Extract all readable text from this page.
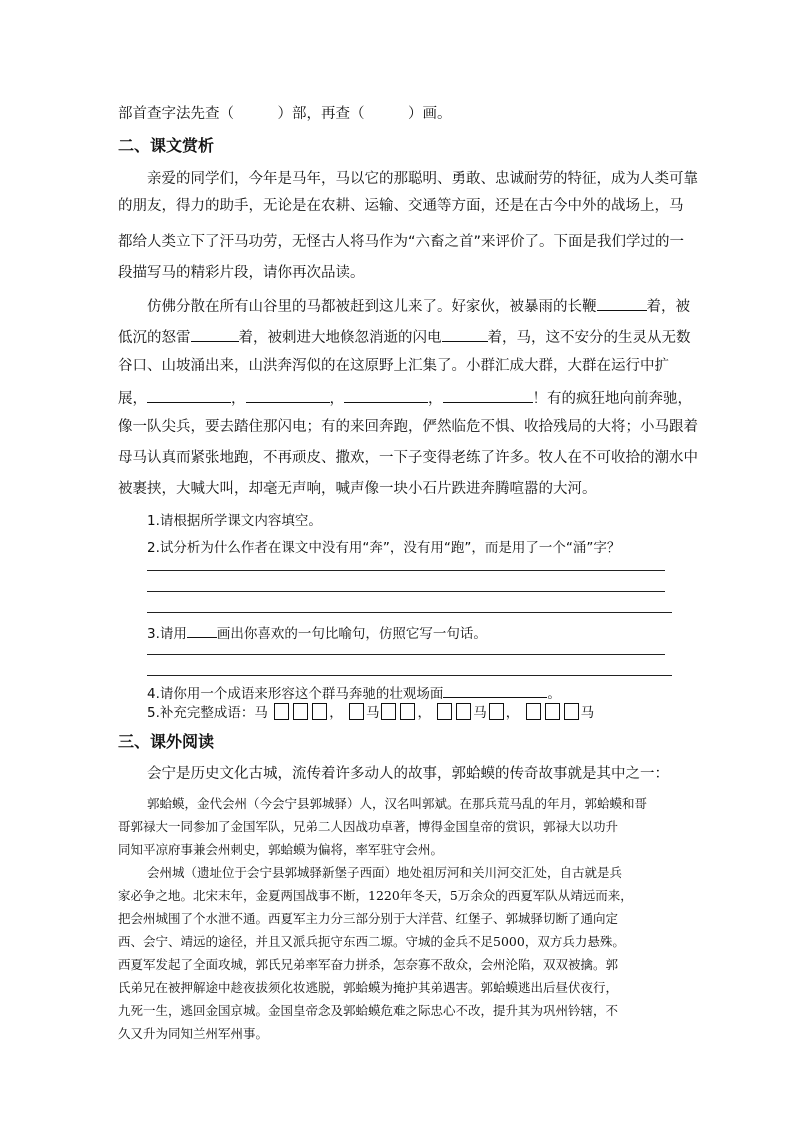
部首查字法先查（　　　）部，再查（　　　）画。
二、课文赏析
亲爱的同学们，今年是马年，马以它的那聪明、勇敢、忠诚耐劳的特征，成为人类可靠
的朋友，得力的助手，无论是在农耕、运输、交通等方面，还是在古今中外的战场上，马
都给人类立下了汗马功劳，无怪古人将马作为“六畜之首”来评价了。下面是我们学过的一
段描写马的精彩片段，请你再次品读。
仿佛分散在所有山谷里的马都被赶到这儿来了。好家伙，被暴雨的长鞭	着，被
低沉的怒雷	着，被刺进大地倏忽消逝的闪电	着，马，这不安分的生灵从无数
谷口、山坡涌出来，山洪奔泻似的在这原野上汇集了。小群汇成大群，大群在运行中扩
展，	，	，	，	！有的疯狂地向前奔驰，
像一队尖兵，要去踏住那闪电；有的来回奔跑，俨然临危不惧、收拾残局的大将；小马跟着
母马认真而紧张地跑，不再顽皮、撒欢，一下子变得老练了许多。牧人在不可收拾的潮水中
被裹挟，大喊大叫，却毫无声响，喊声像一块小石片跌进奔腾喧嚣的大河。
1.请根据所学课文内容填空。
2.试分析为什么作者在课文中没有用“奔”，没有用“跑”，而是用了一个“涌”字？
3.请用 画出你喜欢的一句比喻句，仿照它写一句话。
4.请你用一个成语来形容这个群马奔驰的壮观场面	。
5.补充完整成语：马	， 马	，	马 ，	马
三、课外阅读
会宁是历史文化古城，流传着许多动人的故事，郭蛤蟆的传奇故事就是其中之一：
郭蛤蟆，金代会州（今会宁县郭城驿）人，汉名叫郭斌。在那兵荒马乱的年月，郭蛤蟆和哥
哥郭禄大一同参加了金国军队，兄弟二人因战功卓著，博得金国皇帝的赏识，郭禄大以功升
同知平凉府事兼会州刺史，郭蛤蟆为偏将，率军驻守会州。
会州城（遗址位于会宁县郭城驿新堡子西面）地处祖厉河和关川河交汇处，自古就是兵
家必争之地。北宋末年，金夏两国战事不断，1220年冬天，5万余众的西夏军队从靖远而来，
把会州城围了个水泄不通。西夏军主力分三部分别于大洋营、红堡子、郭城驿切断了通向定
西、会宁、靖远的途径，并且又派兵扼守东西二塬。守城的金兵不足5000，双方兵力悬殊。
西夏军发起了全面攻城，郭氏兄弟率军奋力拼杀，怎奈寡不敌众，会州沦陷，双双被擒。郭
氏弟兄在被押解途中趁夜拔须化妆逃脱，郭蛤蟆为掩护其弟遇害。郭蛤蟆逃出后昼伏夜行，
九死一生，逃回金国京城。金国皇帝念及郭蛤蟆危难之际忠心不改，提升其为巩州钤辖，不
久又升为同知兰州军州事。
